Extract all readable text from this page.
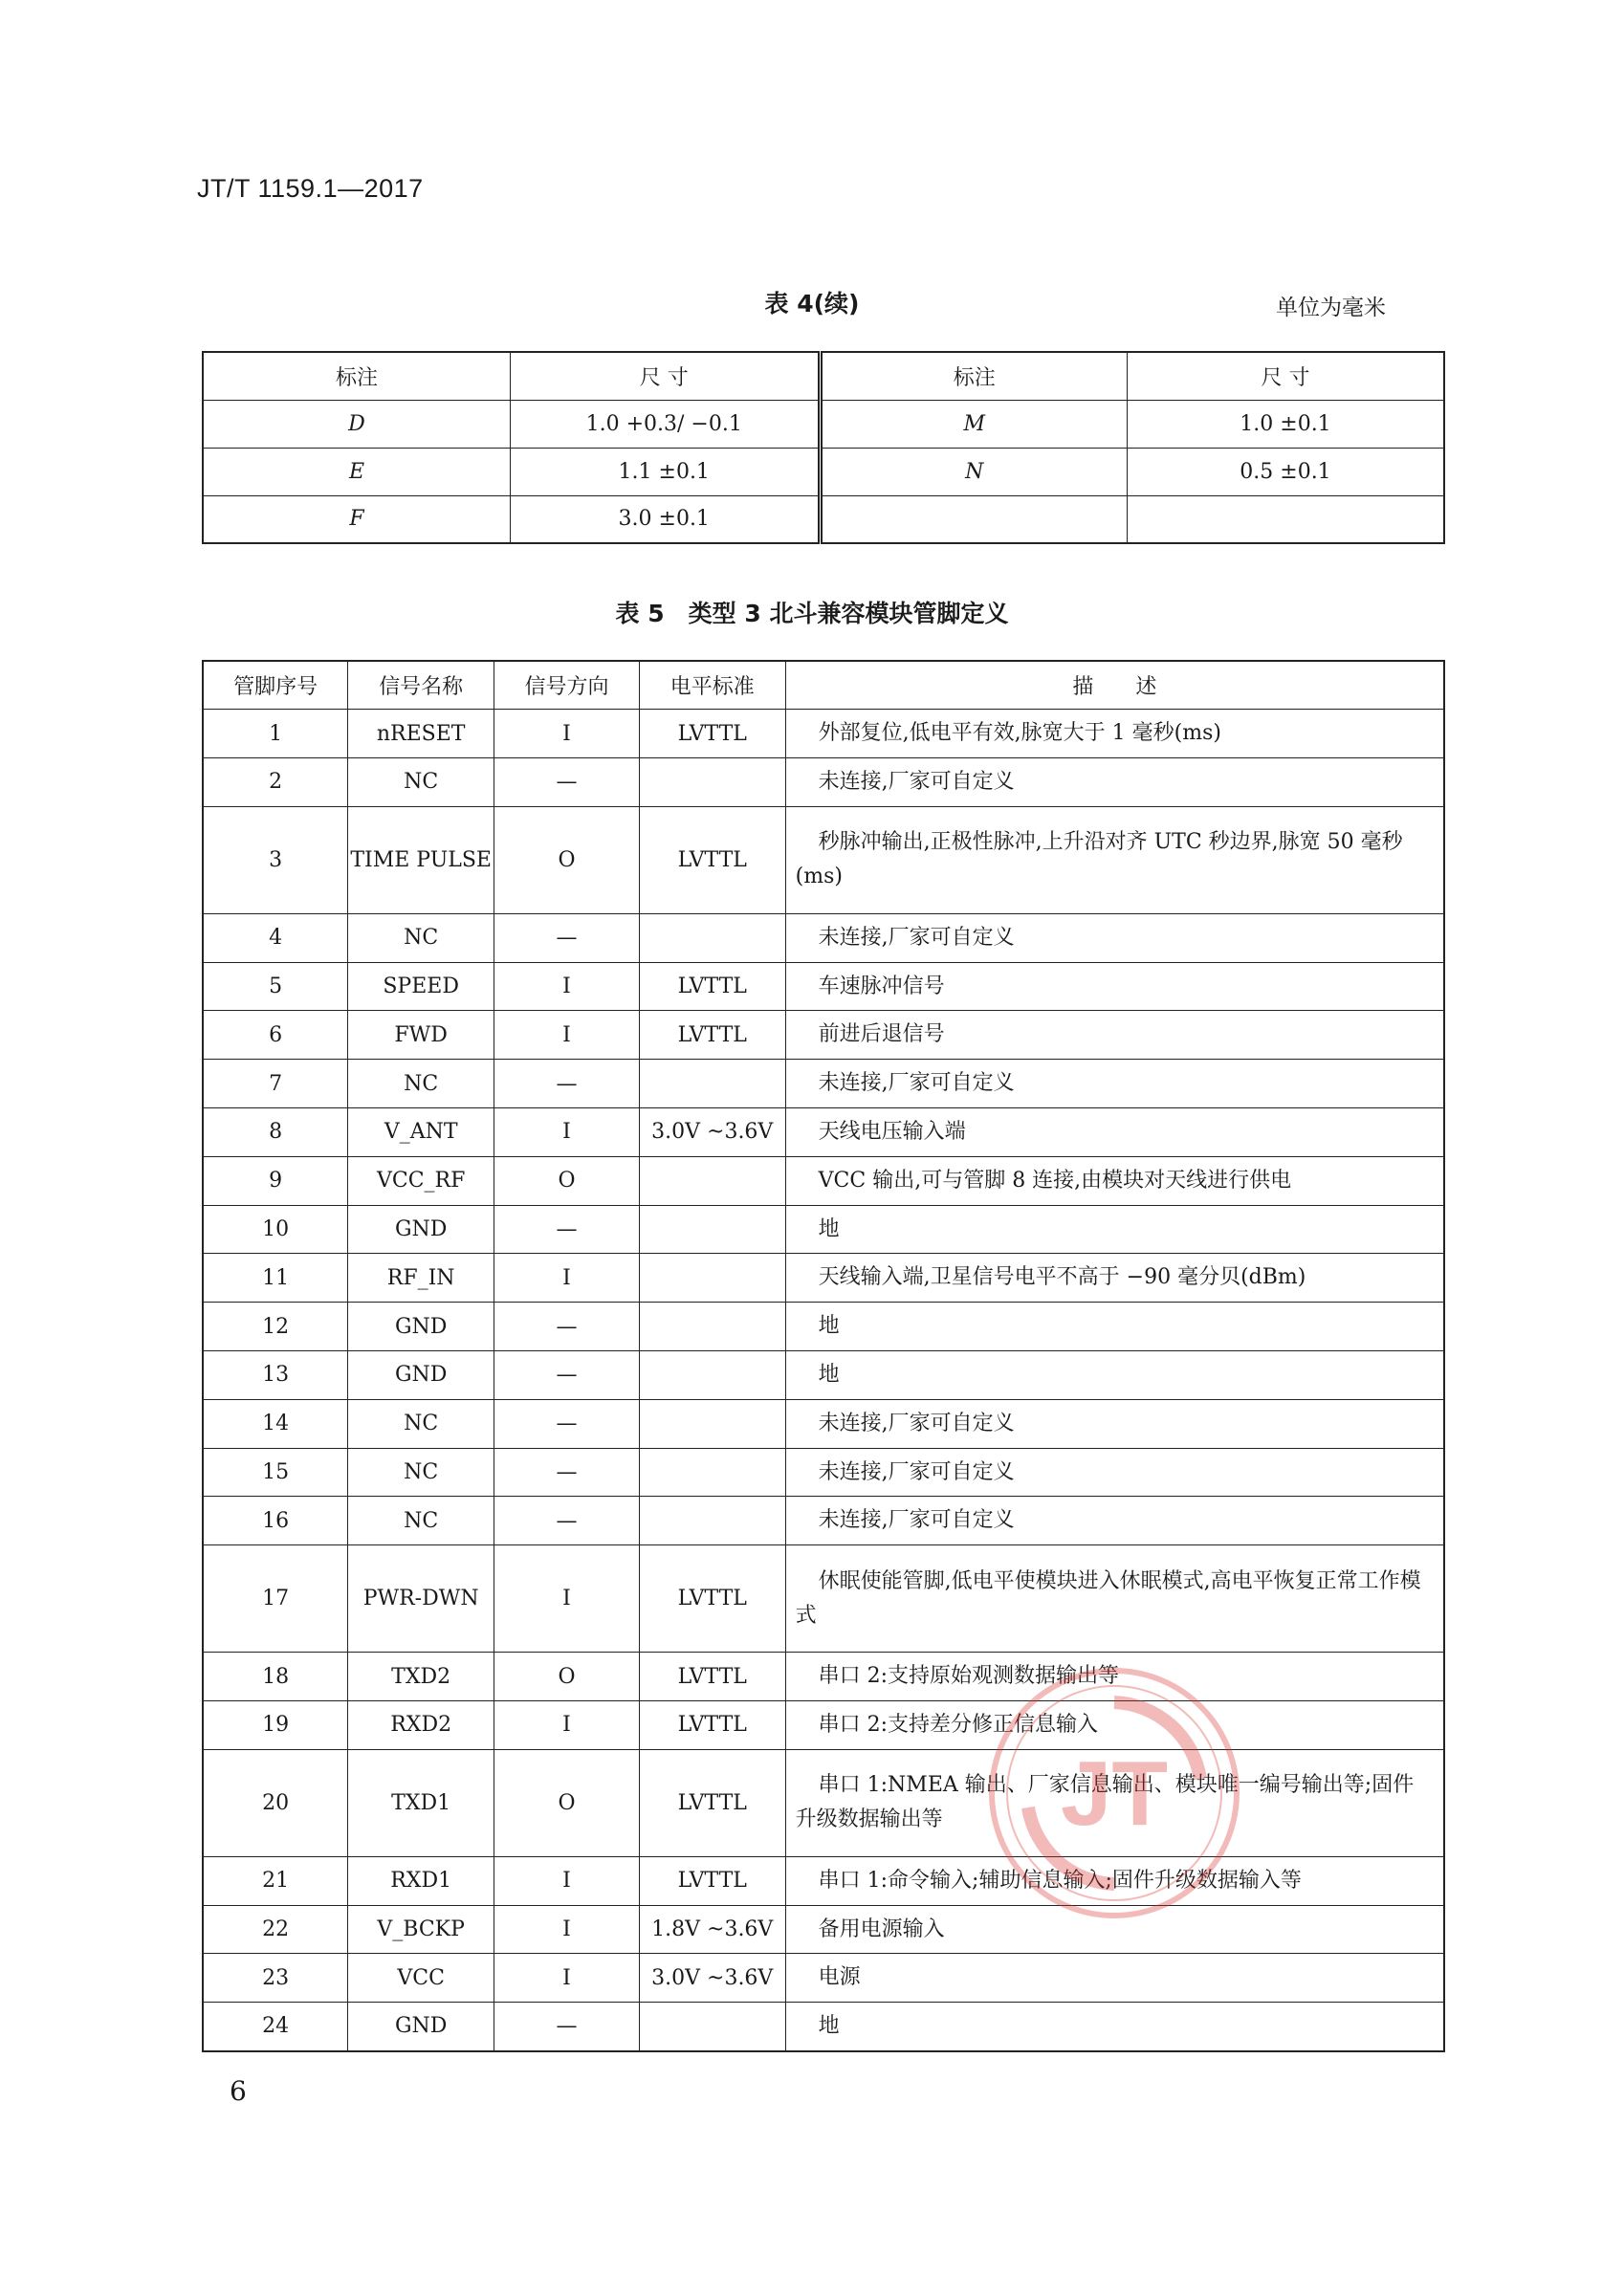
JT/T 1159.1—2017
表 4(续)	单位为毫米
标注	尺 寸	标注	尺 寸
D	1.0 +0.3/ −0.1	M	1.0 ±0.1
E	1.1 ±0.1	N	0.5 ±0.1
F	3.0 ±0.1		
表 5　类型 3 北斗兼容模块管脚定义
管脚序号	信号名称	信号方向	电平标准	描　　述
1	nRESET	I	LVTTL	外部复位,低电平有效,脉宽大于 1 毫秒(ms)
2	NC	—		未连接,厂家可自定义
3	TIME PULSE	O	LVTTL	秒脉冲输出,正极性脉冲,上升沿对齐 UTC 秒边界,脉宽 50 毫秒(ms)
4	NC	—		未连接,厂家可自定义
5	SPEED	I	LVTTL	车速脉冲信号
6	FWD	I	LVTTL	前进后退信号
7	NC	—		未连接,厂家可自定义
8	V_ANT	I	3.0V ~3.6V	天线电压输入端
9	VCC_RF	O		VCC 输出,可与管脚 8 连接,由模块对天线进行供电
10	GND	—		地
11	RF_IN	I		天线输入端,卫星信号电平不高于 −90 毫分贝(dBm)
12	GND	—		地
13	GND	—		地
14	NC	—		未连接,厂家可自定义
15	NC	—		未连接,厂家可自定义
16	NC	—		未连接,厂家可自定义
17	PWR-DWN	I	LVTTL	休眠使能管脚,低电平使模块进入休眠模式,高电平恢复正常工作模式
18	TXD2	O	LVTTL	串口 2:支持原始观测数据输出等
19	RXD2	I	LVTTL	串口 2:支持差分修正信息输入
20	TXD1	O	LVTTL	串口 1:NMEA 输出、厂家信息输出、模块唯一编号输出等;固件升级数据输出等
21	RXD1	I	LVTTL	串口 1:命令输入;辅助信息输入;固件升级数据输入等
22	V_BCKP	I	1.8V ~3.6V	备用电源输入
23	VCC	I	3.0V ~3.6V	电源
24	GND	—		地
6
JT
